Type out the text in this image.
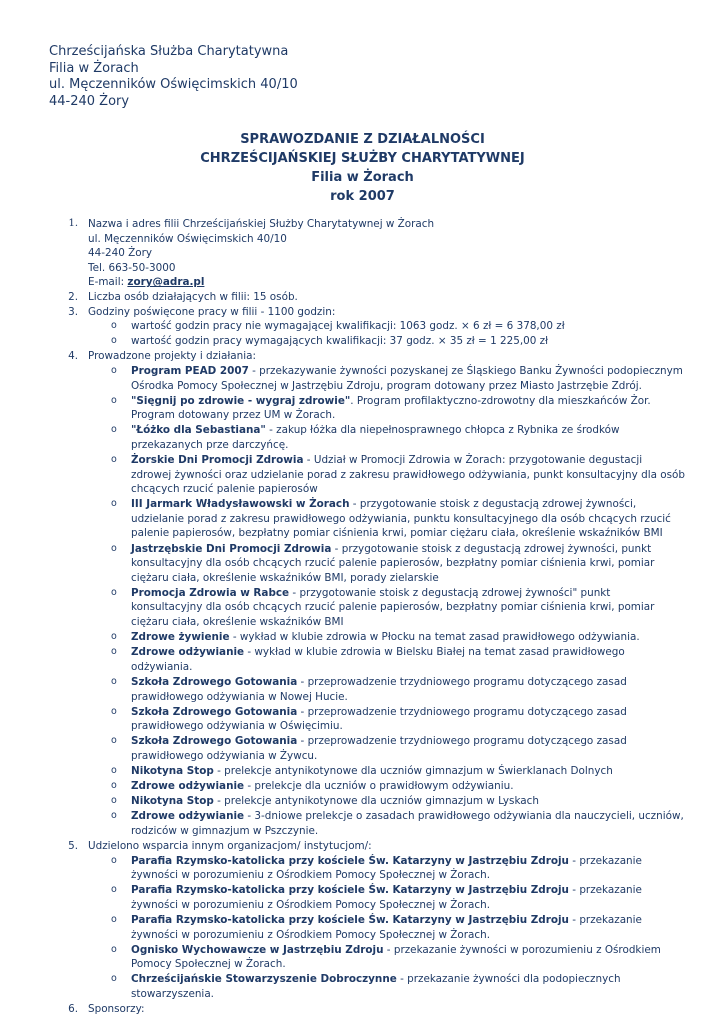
Chrześcijańska Służba Charytatywna
Filia w Żorach
ul. Męczenników Oświęcimskich 40/10
44-240 Żory
SPRAWOZDANIE Z DZIAŁALNOŚCI
CHRZEŚCIJAŃSKIEJ SŁUŻBY CHARYTATYWNEJ
Filia w Żorach
rok 2007
1. Nazwa i adres filii Chrześcijańskiej Służby Charytatywnej w Żorach
ul. Męczenników Oświęcimskich 40/10
44-240 Żory
Tel. 663-50-3000
E-mail: zory@adra.pl
2. Liczba osób działających w filii: 15 osób.
3. Godziny poświęcone pracy w filii - 1100 godzin:
o wartość godzin pracy nie wymagającej kwalifikacji: 1063 godz. × 6 zł = 6 378,00 zł

o wartość godzin pracy wymagających kwalifikacji: 37 godz. × 35 zł = 1 225,00 zł

4. Prowadzone projekty i działania:
o Program PEAD 2007 - przekazywanie żywności pozyskanej ze Śląskiego Banku Żywności podopiecznym Ośrodka Pomocy Społecznej w Jastrzębiu Zdroju, program dotowany przez Miasto Jastrzębie Zdrój.

o "Sięgnij po zdrowie - wygraj zdrowie". Program profilaktyczno-zdrowotny dla mieszkańców Żor. Program dotowany przez UM w Żorach.

o "Łóżko dla Sebastiana" - zakup łóżka dla niepełnosprawnego chłopca z Rybnika ze środków przekazanych prze darczyńcę.

o Żorskie Dni Promocji Zdrowia - Udział w Promocji Zdrowia w Żorach: przygotowanie degustacji zdrowej żywności oraz udzielanie porad z zakresu prawidłowego odżywiania, punkt konsultacyjny dla osób chcących rzucić palenie papierosów

o III Jarmark Władysławowski w Żorach - przygotowanie stoisk z degustacją zdrowej żywności, udzielanie porad z zakresu prawidłowego odżywiania, punktu konsultacyjnego dla osób chcących rzucić palenie papierosów, bezpłatny pomiar ciśnienia krwi, pomiar ciężaru ciała, określenie wskaźników BMI

o Jastrzębskie Dni Promocji Zdrowia - przygotowanie stoisk z degustacją zdrowej żywności, punkt konsultacyjny dla osób chcących rzucić palenie papierosów, bezpłatny pomiar ciśnienia krwi, pomiar ciężaru ciała, określenie wskaźników BMI, porady zielarskie

o Promocja Zdrowia w Rabce - przygotowanie stoisk z degustacją zdrowej żywności" punkt konsultacyjny dla osób chcących rzucić palenie papierosów, bezpłatny pomiar ciśnienia krwi, pomiar ciężaru ciała, określenie wskaźników BMI

o Zdrowe żywienie - wykład w klubie zdrowia w Płocku na temat zasad prawidłowego odżywiania.

o Zdrowe odżywianie - wykład w klubie zdrowia w Bielsku Białej na temat zasad prawidłowego odżywiania.

o Szkoła Zdrowego Gotowania - przeprowadzenie trzydniowego programu dotyczącego zasad prawidłowego odżywiania w Nowej Hucie.

o Szkoła Zdrowego Gotowania - przeprowadzenie trzydniowego programu dotyczącego zasad prawidłowego odżywiania w Oświęcimiu.

o Szkoła Zdrowego Gotowania - przeprowadzenie trzydniowego programu dotyczącego zasad prawidłowego odżywiania w Żywcu.

o Nikotyna Stop - prelekcje antynikotynowe dla uczniów gimnazjum w Świerklanach Dolnych

o Zdrowe odżywianie - prelekcje dla uczniów o prawidłowym odżywianiu.

o Nikotyna Stop - prelekcje antynikotynowe dla uczniów gimnazjum w Lyskach

o Zdrowe odżywianie - 3-dniowe prelekcje o zasadach prawidłowego odżywiania dla nauczycieli, uczniów, rodziców w gimnazjum w Pszczynie.

5. Udzielono wsparcia innym organizacjom/ instytucjom/:
o Parafia Rzymsko-katolicka przy kościele Św. Katarzyny w Jastrzębiu Zdroju - przekazanie żywności w porozumieniu z Ośrodkiem Pomocy Społecznej w Żorach.

o Parafia Rzymsko-katolicka przy kościele Św. Katarzyny w Jastrzębiu Zdroju - przekazanie żywności w porozumieniu z Ośrodkiem Pomocy Społecznej w Żorach.

o Parafia Rzymsko-katolicka przy kościele Św. Katarzyny w Jastrzębiu Zdroju - przekazanie żywności w porozumieniu z Ośrodkiem Pomocy Społecznej w Żorach.

o Ognisko Wychowawcze w Jastrzębiu Zdroju - przekazanie żywności w porozumieniu z Ośrodkiem Pomocy Społecznej w Żorach.

o Chrześcijańskie Stowarzyszenie Dobroczynne - przekazanie żywności dla podopiecznych stowarzyszenia.

6. Sponsorzy:
